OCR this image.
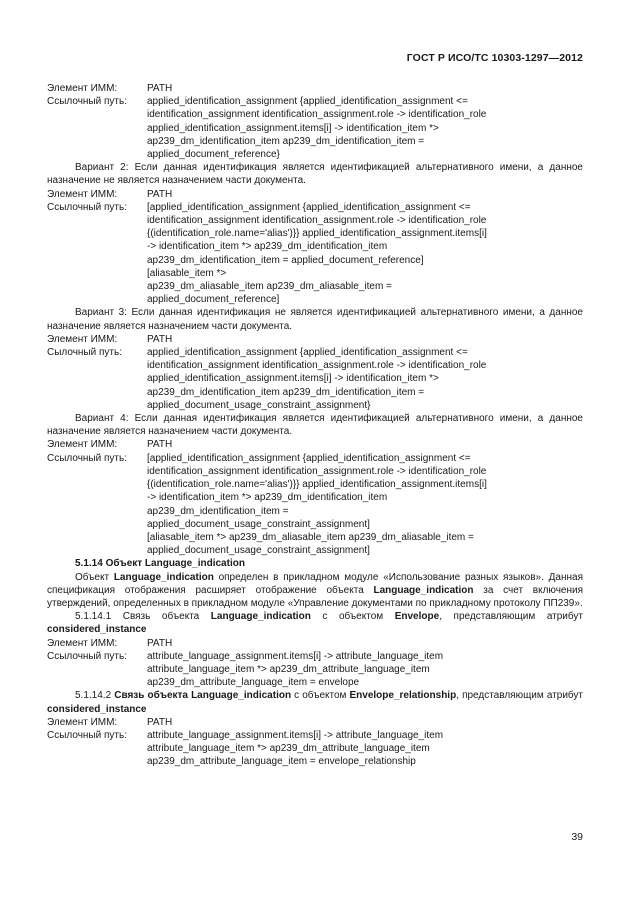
ГОСТ Р ИСО/ТС 10303-1297—2012
Элемент ИММ:	PATH
Ссылочный путь:	applied_identification_assignment {applied_identification_assignment <=
identification_assignment identification_assignment.role -> identification_role
applied_identification_assignment.items[i] -> identification_item *>
ap239_dm_identification_item ap239_dm_identification_item =
applied_document_reference}
Вариант 2: Если данная идентификация является идентификацией альтернативного имени, а данное назначение не является назначением части документа.
Элемент ИММ:	PATH
Ссылочный путь:	[applied_identification_assignment {applied_identification_assignment <=
identification_assignment identification_assignment.role -> identification_role
{(identification_role.name='alias')}} applied_identification_assignment.items[i]
-> identification_item *> ap239_dm_identification_item
ap239_dm_identification_item = applied_document_reference]
[aliasable_item *>
ap239_dm_aliasable_item ap239_dm_aliasable_item =
applied_document_reference]
Вариант 3: Если данная идентификация не является идентификацией альтернативного имени, а данное назначение является назначением части документа.
Элемент ИММ:	PATH
Сылочный путь:	applied_identification_assignment {applied_identification_assignment <=
identification_assignment identification_assignment.role -> identification_role
applied_identification_assignment.items[i] -> identification_item *>
ap239_dm_identification_item ap239_dm_identification_item =
applied_document_usage_constraint_assignment}
Вариант 4: Если данная идентификация является идентификацией альтернативного имени, а данное назначение является назначением части документа.
Элемент ИММ:	PATH
Ссылочный путь:	[applied_identification_assignment {applied_identification_assignment <=
identification_assignment identification_assignment.role -> identification_role
{(identification_role.name='alias')}} applied_identification_assignment.items[i]
-> identification_item *> ap239_dm_identification_item
ap239_dm_identification_item =
applied_document_usage_constraint_assignment]
[aliasable_item *> ap239_dm_aliasable_item ap239_dm_aliasable_item =
applied_document_usage_constraint_assignment]
5.1.14 Объект Language_indication
Объект Language_indication определен в прикладном модуле «Использование разных языков». Данная спецификация отображения расширяет отображение объекта Language_indication за счет включения утверждений, определенных в прикладном модуле «Управление документами по прикладному протоколу ПП239».
5.1.14.1 Связь объекта Language_indication с объектом Envelope, представляющим атрибут considered_instance
Элемент ИММ:	PATH
Ссылочный путь:	attribute_language_assignment.items[i] -> attribute_language_item
attribute_language_item *> ap239_dm_attribute_language_item
ap239_dm_attribute_language_item = envelope
5.1.14.2 Связь объекта Language_indication с объектом Envelope_relationship, представляющим атрибут considered_instance
Элемент ИММ:	PATH
Ссылочный путь:	attribute_language_assignment.items[i] -> attribute_language_item
attribute_language_item *> ap239_dm_attribute_language_item
ap239_dm_attribute_language_item = envelope_relationship
39
